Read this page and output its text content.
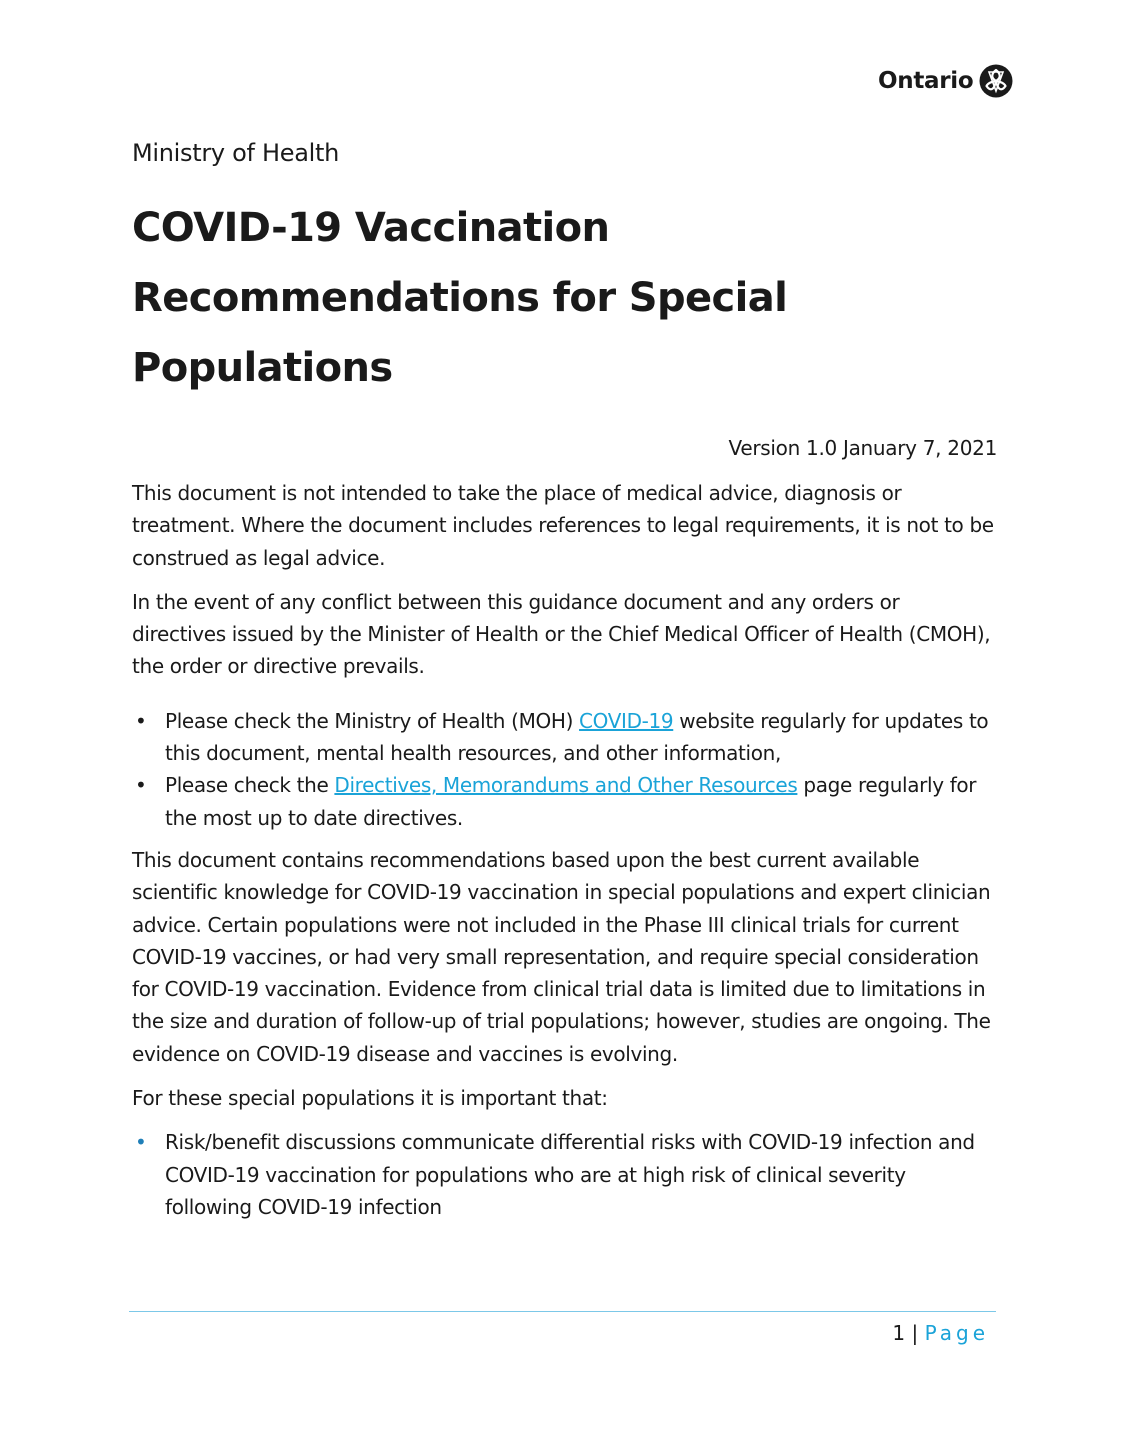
Ontario

Ministry of Health

COVID-19 Vaccination Recommendations for Special Populations

Version 1.0 January 7, 2021

This document is not intended to take the place of medical advice, diagnosis or treatment. Where the document includes references to legal requirements, it is not to be construed as legal advice.

In the event of any conflict between this guidance document and any orders or directives issued by the Minister of Health or the Chief Medical Officer of Health (CMOH), the order or directive prevails.

• Please check the Ministry of Health (MOH) COVID-19 website regularly for updates to this document, mental health resources, and other information,
• Please check the Directives, Memorandums and Other Resources page regularly for the most up to date directives.

This document contains recommendations based upon the best current available scientific knowledge for COVID-19 vaccination in special populations and expert clinician advice. Certain populations were not included in the Phase III clinical trials for current COVID-19 vaccines, or had very small representation, and require special consideration for COVID-19 vaccination. Evidence from clinical trial data is limited due to limitations in the size and duration of follow-up of trial populations; however, studies are ongoing. The evidence on COVID-19 disease and vaccines is evolving.

For these special populations it is important that:

• Risk/benefit discussions communicate differential risks with COVID-19 infection and COVID-19 vaccination for populations who are at high risk of clinical severity following COVID-19 infection
1 | Page
